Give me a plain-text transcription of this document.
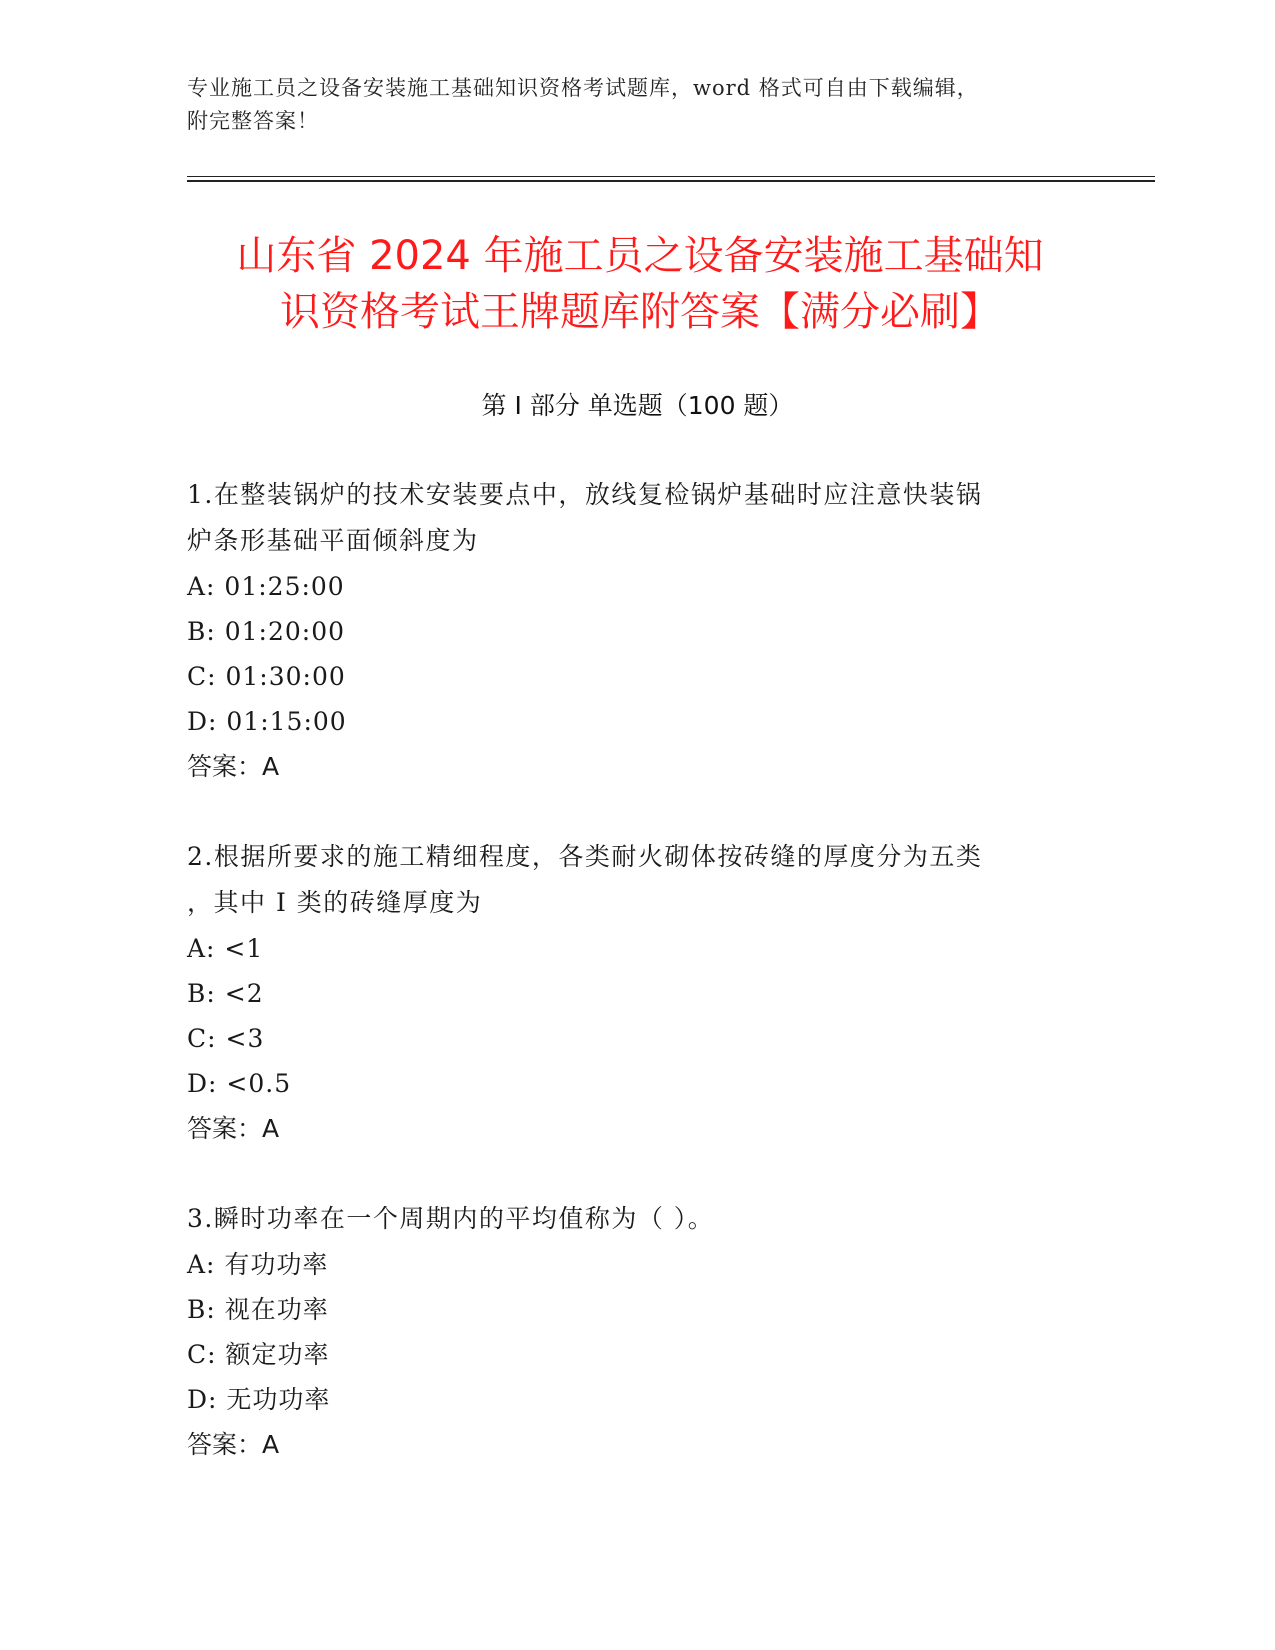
专业施工员之设备安装施工基础知识资格考试题库，word 格式可自由下载编辑，
附完整答案！
山东省 2024 年施工员之设备安装施工基础知
识资格考试王牌题库附答案【满分必刷】
第 I 部分 单选题（100 题）
1.在整装锅炉的技术安装要点中，放线复检锅炉基础时应注意快装锅
炉条形基础平面倾斜度为
A: 01:25:00
B: 01:20:00
C: 01:30:00
D: 01:15:00
答案：A
2.根据所要求的施工精细程度，各类耐火砌体按砖缝的厚度分为五类
，其中 I 类的砖缝厚度为
A: <1
B: <2
C: <3
D: <0.5
答案：A
3.瞬时功率在一个周期内的平均值称为（ ）。
A: 有功功率
B: 视在功率
C: 额定功率
D: 无功功率
答案：A
